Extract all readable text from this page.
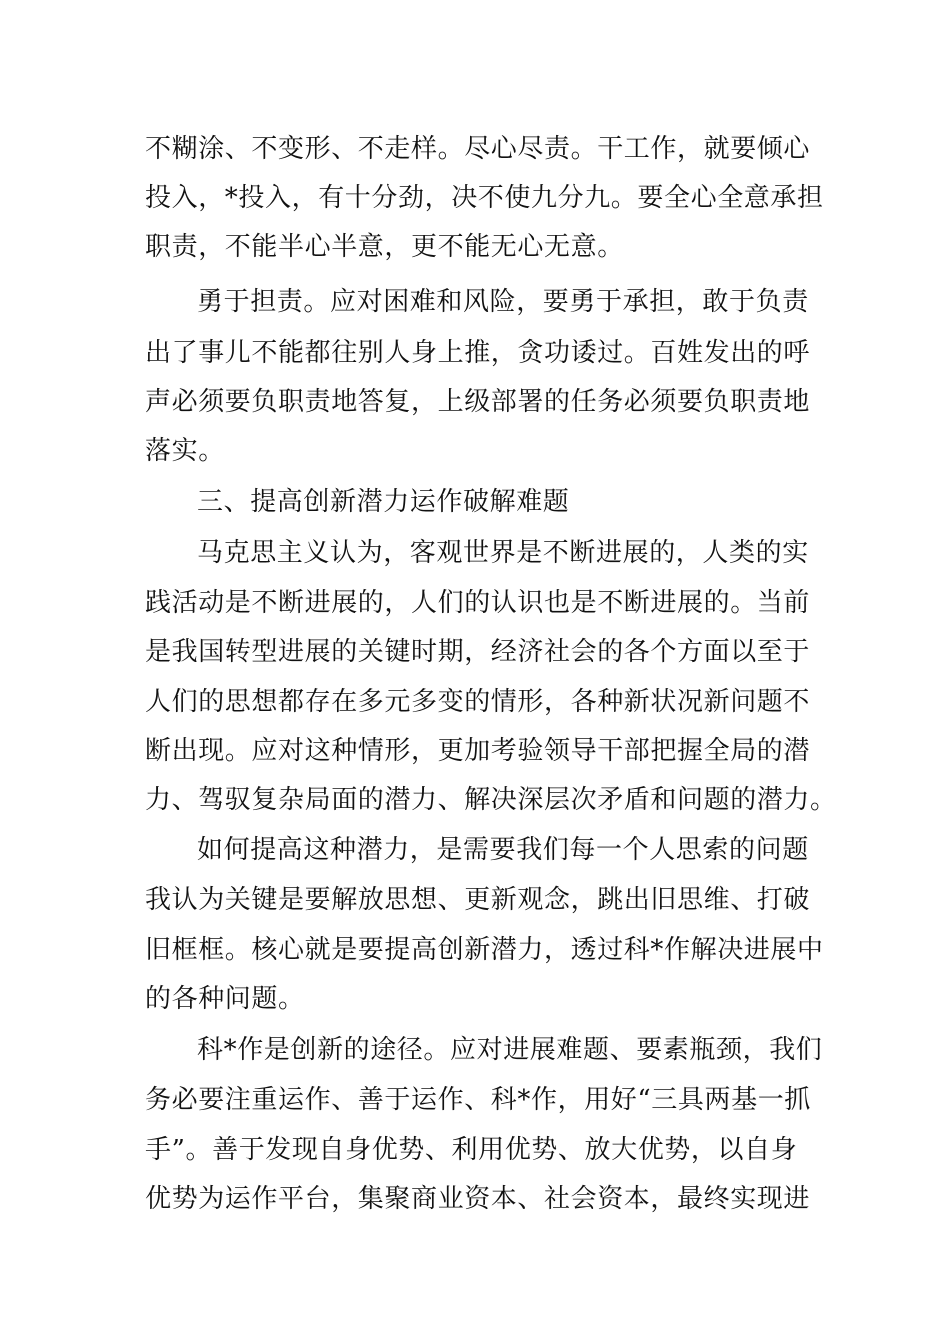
不糊涂、不变形、不走样。尽心尽责。干工作，就要倾心
投入，*投入，有十分劲，决不使九分九。要全心全意承担
职责，不能半心半意，更不能无心无意。
勇于担责。应对困难和风险，要勇于承担，敢于负责
出了事儿不能都往别人身上推，贪功诿过。百姓发出的呼
声必须要负职责地答复，上级部署的任务必须要负职责地
落实。
三、提高创新潜力运作破解难题
马克思主义认为，客观世界是不断进展的，人类的实
践活动是不断进展的，人们的认识也是不断进展的。当前
是我国转型进展的关键时期，经济社会的各个方面以至于
人们的思想都存在多元多变的情形，各种新状况新问题不
断出现。应对这种情形，更加考验领导干部把握全局的潜
力、驾驭复杂局面的潜力、解决深层次矛盾和问题的潜力。
如何提高这种潜力，是需要我们每一个人思索的问题
我认为关键是要解放思想、更新观念，跳出旧思维、打破
旧框框。核心就是要提高创新潜力，透过科*作解决进展中
的各种问题。
科*作是创新的途径。应对进展难题、要素瓶颈，我们
务必要注重运作、善于运作、科*作，用好“三具两基一抓
手”。善于发现自身优势、利用优势、放大优势，以自身
优势为运作平台，集聚商业资本、社会资本，最终实现进
